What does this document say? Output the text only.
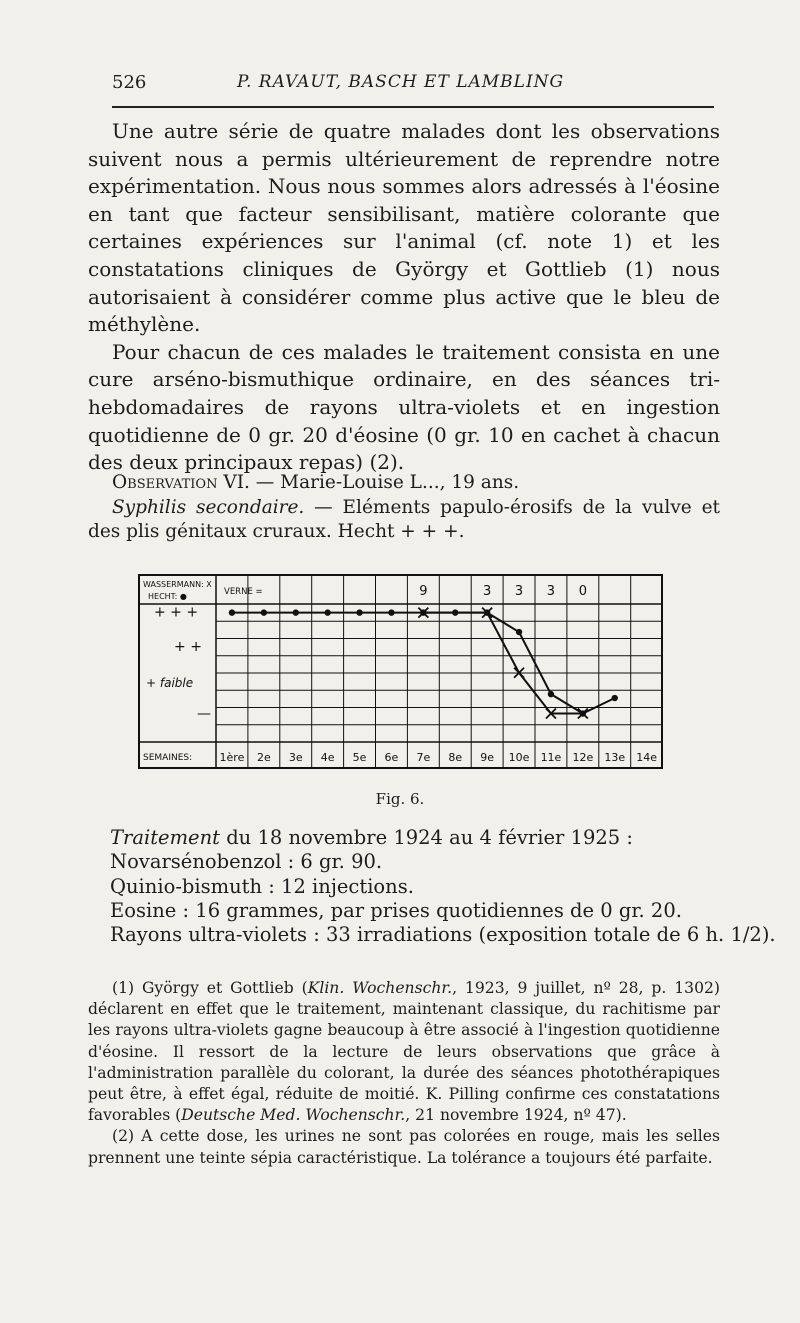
526	P. RAVAUT, BASCH ET LAMBLING

Une autre série de quatre malades dont les observations suivent nous a permis ultérieurement de reprendre notre expérimentation. Nous nous sommes alors adressés à l'éosine en tant que facteur sensibilisant, matière colorante que certaines expériences sur l'animal (cf. note 1) et les constatations cliniques de György et Gottlieb (1) nous autorisaient à considérer comme plus active que le bleu de méthylène.

Pour chacun de ces malades le traitement consista en une cure arséno-bismuthique ordinaire, en des séances tri-hebdomadaires de rayons ultra-violets et en ingestion quotidienne de 0 gr. 20 d'éosine (0 gr. 10 en cachet à chacun des deux principaux repas) (2).

Observation VI. — Marie-Louise L..., 19 ans.

Syphilis secondaire. — Eléments papulo-érosifs de la vulve et des plis génitaux cruraux. Hecht + + +.

WASSERMANN: X
HECHT: ●	VERNE =	9	3 3 3 0
+ + +
+ +
+ faible
—
SEMAINES: 1ère 2e 3e 4e 5e 6e 7e 8e 9e 10e 11e 12e 13e 14e
Fig. 6.
Traitement du 18 novembre 1924 au 4 février 1925 :
Novarsénobenzol : 6 gr. 90.
Quinio-bismuth : 12 injections.
Eosine : 16 grammes, par prises quotidiennes de 0 gr. 20.
Rayons ultra-violets : 33 irradiations (exposition totale de 6 h. 1/2).

(1) György et Gottlieb (Klin. Wochenschr., 1923, 9 juillet, nº 28, p. 1302) déclarent en effet que le traitement, maintenant classique, du rachitisme par les rayons ultra-violets gagne beaucoup à être associé à l'ingestion quotidienne d'éosine. Il ressort de la lecture de leurs observations que grâce à l'administration parallèle du colorant, la durée des séances photothérapiques peut être, à effet égal, réduite de moitié. K. Pilling confirme ces constatations favorables (Deutsche Med. Wochenschr., 21 novembre 1924, nº 47).

(2) A cette dose, les urines ne sont pas colorées en rouge, mais les selles prennent une teinte sépia caractéristique. La tolérance a toujours été parfaite.
